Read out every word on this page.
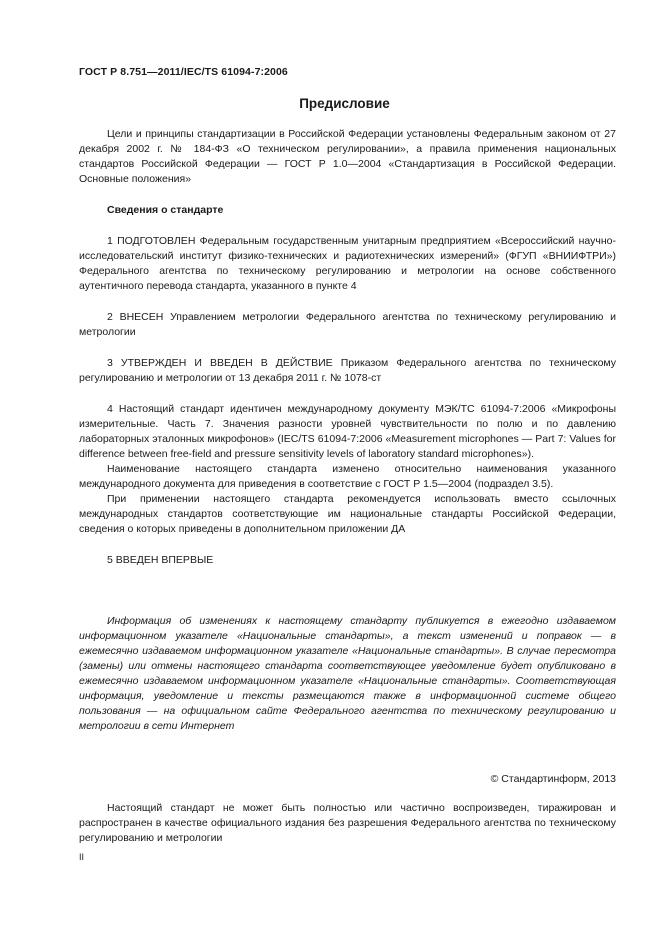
ГОСТ Р 8.751—2011/IEC/TS 61094-7:2006
Предисловие

Цели и принципы стандартизации в Российской Федерации установлены Федеральным законом от 27 декабря 2002 г. № 184-ФЗ «О техническом регулировании», а правила применения национальных стандартов Российской Федерации — ГОСТ Р 1.0—2004 «Стандартизация в Российской Федерации. Основные положения»

Сведения о стандарте

1 ПОДГОТОВЛЕН Федеральным государственным унитарным предприятием «Всероссийский научно-исследовательский институт физико-технических и радиотехнических измерений» (ФГУП «ВНИИФТРИ») Федерального агентства по техническому регулированию и метрологии на основе собственного аутентичного перевода стандарта, указанного в пункте 4

2 ВНЕСЕН Управлением метрологии Федерального агентства по техническому регулированию и метрологии

3 УТВЕРЖДЕН И ВВЕДЕН В ДЕЙСТВИЕ Приказом Федерального агентства по техническому регулированию и метрологии от 13 декабря 2011 г. № 1078-ст

4 Настоящий стандарт идентичен международному документу МЭК/ТС 61094-7:2006 «Микрофоны измерительные. Часть 7. Значения разности уровней чувствительности по полю и по давлению лабораторных эталонных микрофонов» (IEC/TS 61094-7:2006 «Measurement microphones — Part 7: Values for difference between free-field and pressure sensitivity levels of laboratory standard microphones»).

Наименование настоящего стандарта изменено относительно наименования указанного международного документа для приведения в соответствие с ГОСТ Р 1.5—2004 (подраздел 3.5).

При применении настоящего стандарта рекомендуется использовать вместо ссылочных международных стандартов соответствующие им национальные стандарты Российской Федерации, сведения о которых приведены в дополнительном приложении ДА

5 ВВЕДЕН ВПЕРВЫЕ

Информация об изменениях к настоящему стандарту публикуется в ежегодно издаваемом информационном указателе «Национальные стандарты», а текст изменений и поправок — в ежемесячно издаваемом информационном указателе «Национальные стандарты». В случае пересмотра (замены) или отмены настоящего стандарта соответствующее уведомление будет опубликовано в ежемесячно издаваемом информационном указателе «Национальные стандарты». Соответствующая информация, уведомление и тексты размещаются также в информационной системе общего пользования — на официальном сайте Федерального агентства по техническому регулированию и метрологии в сети Интернет

© Стандартинформ, 2013

Настоящий стандарт не может быть полностью или частично воспроизведен, тиражирован и распространен в качестве официального издания без разрешения Федерального агентства по техническому регулированию и метрологии

II
